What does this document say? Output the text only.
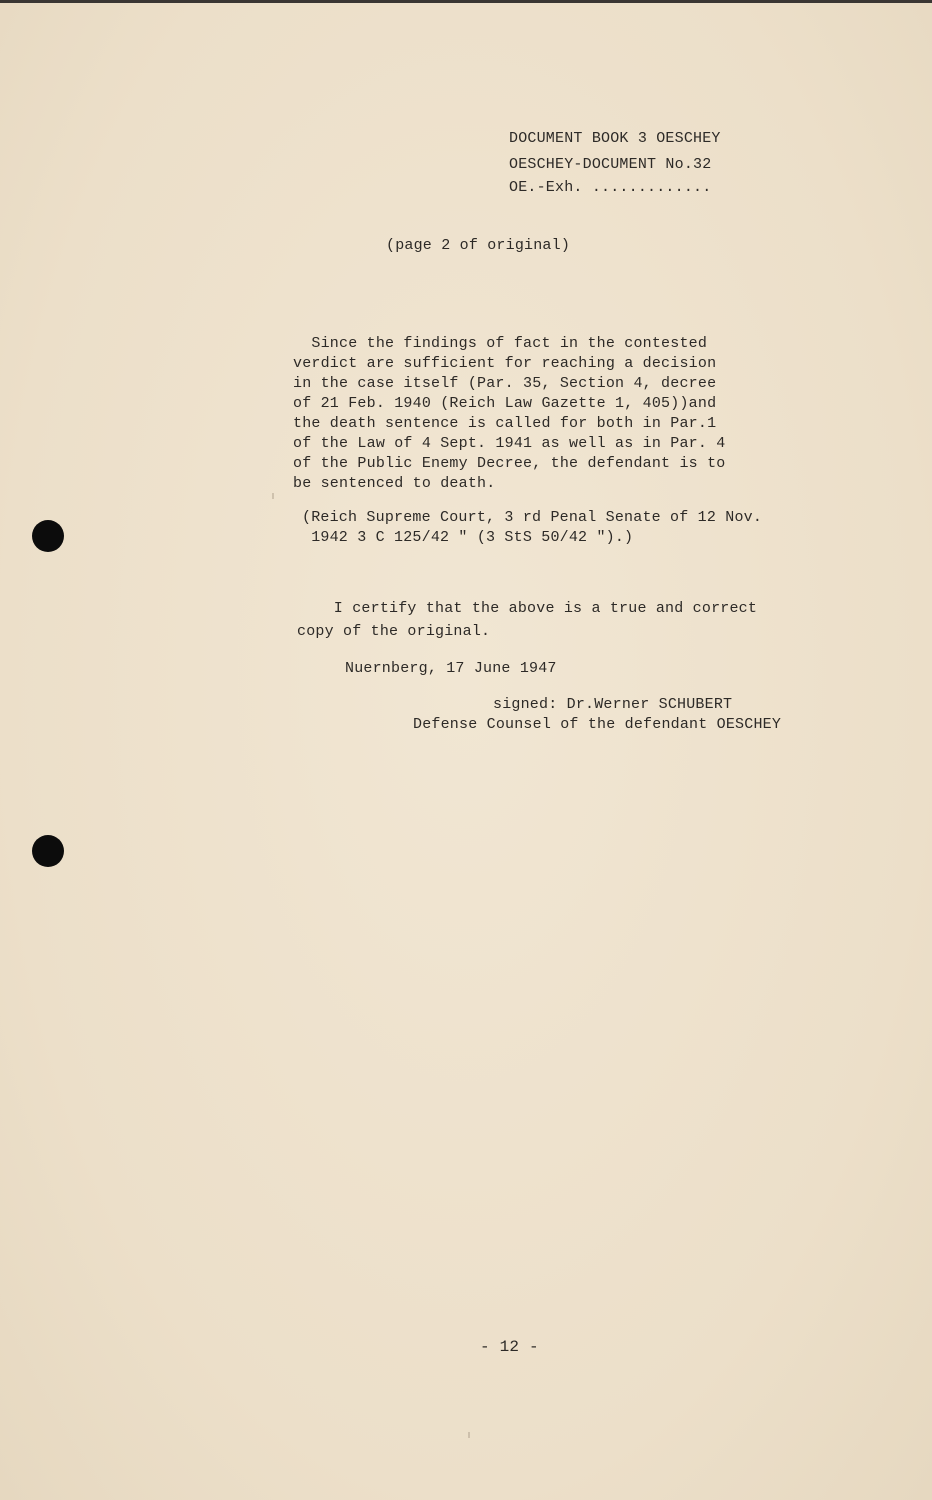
DOCUMENT BOOK 3 OESCHEY
OESCHEY-DOCUMENT No.32
OE.-Exh. .............
(page 2 of original)
Since the findings of fact in the contested
verdict are sufficient for reaching a decision
in the case itself (Par. 35, Section 4, decree
of 21 Feb. 1940 (Reich Law Gazette 1, 405))and
the death sentence is called for both in Par.1
of the Law of 4 Sept. 1941 as well as in Par. 4
of the Public Enemy Decree, the defendant is to
be sentenced to death.
(Reich Supreme Court, 3 rd Penal Senate of 12 Nov.
1942 3 C 125/42 " (3 StS 50/42 ").)
I certify that the above is a true and correct
copy of the original.
Nuernberg, 17 June 1947
signed: Dr.Werner SCHUBERT
Defense Counsel of the defendant OESCHEY
- 12 -
